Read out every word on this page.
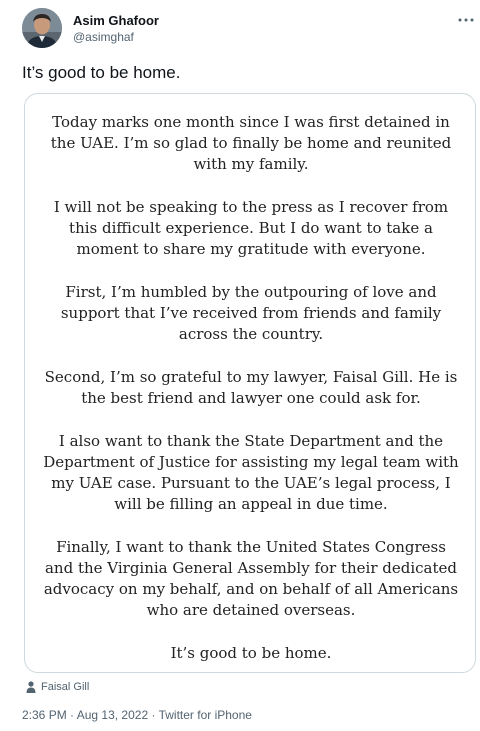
Asim Ghafoor
@asimghaf
It’s good to be home.

Today marks one month since I was first detained in the UAE. I’m so glad to finally be home and reunited with my family.

I will not be speaking to the press as I recover from this difficult experience. But I do want to take a moment to share my gratitude with everyone.

First, I’m humbled by the outpouring of love and support that I’ve received from friends and family across the country.

Second, I’m so grateful to my lawyer, Faisal Gill. He is the best friend and lawyer one could ask for.

I also want to thank the State Department and the Department of Justice for assisting my legal team with my UAE case. Pursuant to the UAE’s legal process, I will be filling an appeal in due time.

Finally, I want to thank the United States Congress and the Virginia General Assembly for their dedicated advocacy on my behalf, and on behalf of all Americans who are detained overseas.

It’s good to be home.

Faisal Gill
2:36 PM · Aug 13, 2022 · Twitter for iPhone
